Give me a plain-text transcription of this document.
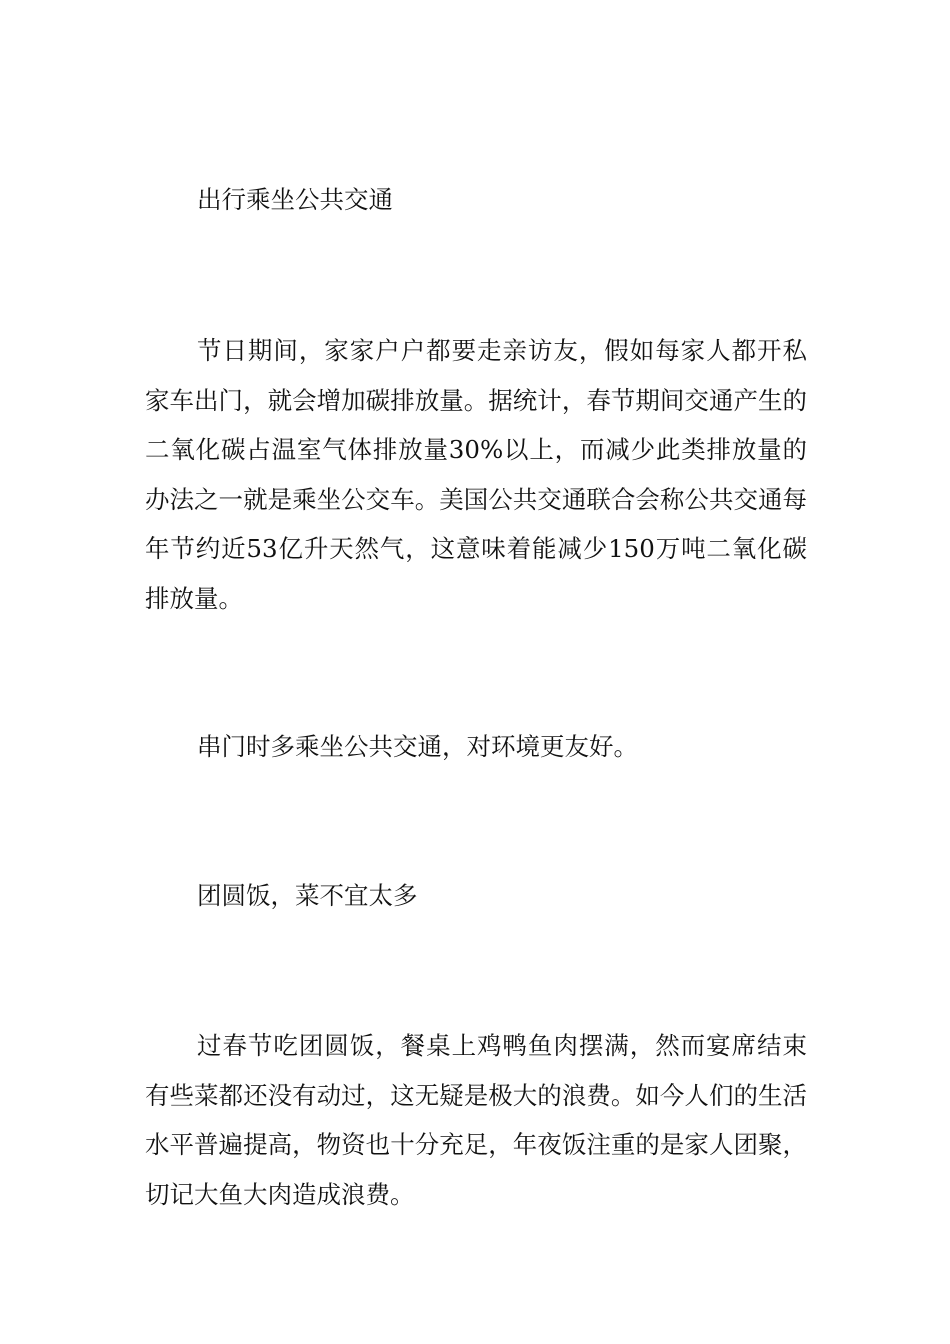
出行乘坐公共交通

节日期间，家家户户都要走亲访友，假如每家人都开私家车出门，就会增加碳排放量。据统计，春节期间交通产生的二氧化碳占温室气体排放量30%以上，而减少此类排放量的办法之一就是乘坐公交车。美国公共交通联合会称公共交通每年节约近53亿升天然气，这意味着能减少150万吨二氧化碳排放量。

串门时多乘坐公共交通，对环境更友好。

团圆饭，菜不宜太多

过春节吃团圆饭，餐桌上鸡鸭鱼肉摆满，然而宴席结束有些菜都还没有动过，这无疑是极大的浪费。如今人们的生活水平普遍提高，物资也十分充足，年夜饭注重的是家人团聚，切记大鱼大肉造成浪费。
